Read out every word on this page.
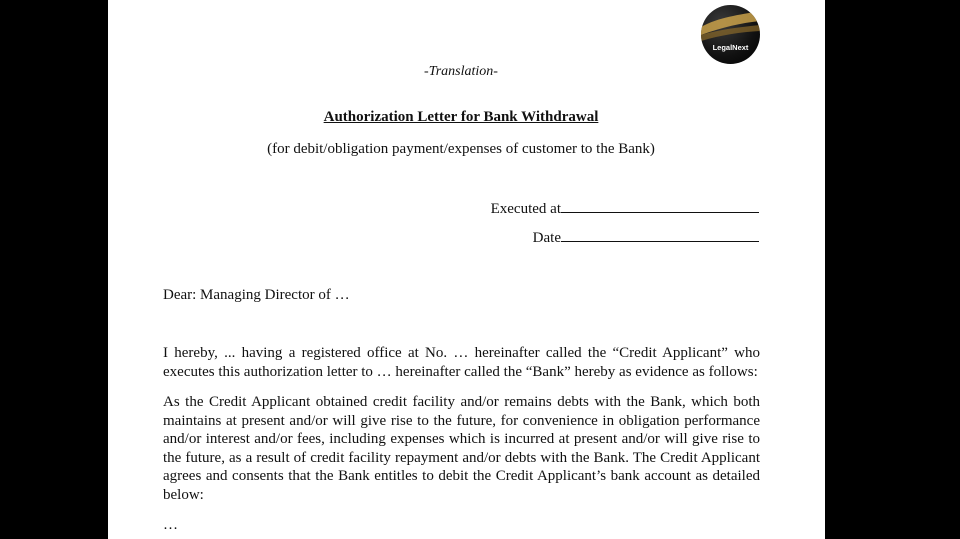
LegalNext
-Translation-
Authorization Letter for Bank Withdrawal
(for debit/obligation payment/expenses of customer to the Bank)
Executed at
Date
Dear: Managing Director of …
I hereby, ... having a registered office at No. … hereinafter called the “Credit Applicant” who executes this authorization letter to … hereinafter called the “Bank” hereby as evidence as follows:
As the Credit Applicant obtained credit facility and/or remains debts with the Bank, which both maintains at present and/or will give rise to the future, for convenience in obligation performance and/or interest and/or fees, including expenses which is incurred at present and/or will give rise to the future, as a result of credit facility repayment and/or debts with the Bank. The Credit Applicant agrees and consents that the Bank entitles to debit the Credit Applicant’s bank account as detailed below:
…
